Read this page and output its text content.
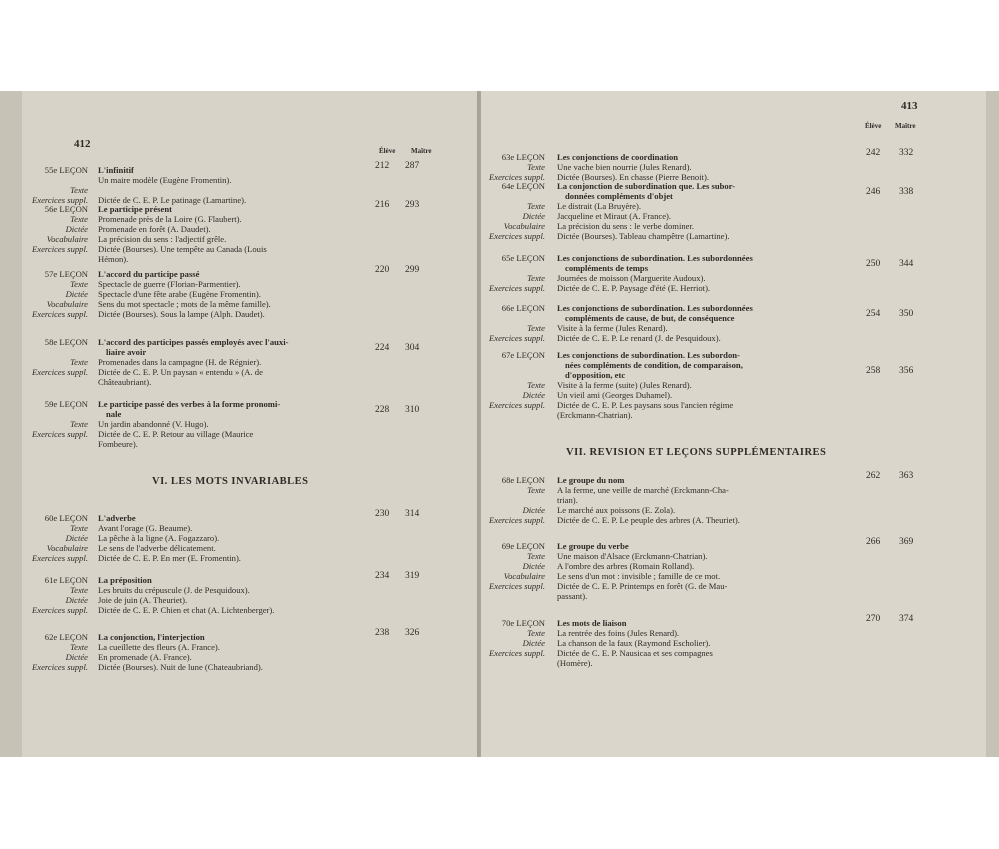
412
Élève Maître
VI. LES MOTS INVARIABLES
55e LEÇON L'infinitif
Un maire modèle (Eugène Fromentin).
Texte
Exercices suppl. Dictée de C. E. P. Le patinage (Lamartine).
212 287
56e LEÇON Le participe présent
Texte Promenade près de la Loire (G. Flaubert).
Dictée Promenade en forêt (A. Daudet).
Vocabulaire La précision du sens : l'adjectif grêle.
Exercices suppl. Dictée (Bourses). Une tempête au Canada (Louis
Hémon).
216 293
57e LEÇON L'accord du participe passé
Texte Spectacle de guerre (Florian-Parmentier).
Dictée Spectacle d'une fête arabe (Eugène Fromentin).
Vocabulaire Sens du mot spectacle ; mots de la même famille).
Exercices suppl. Dictée (Bourses). Sous la lampe (Alph. Daudet).
220 299
58e LEÇON L'accord des participes passés employés avec l'auxi-
liaire avoir
Texte Promenades dans la campagne (H. de Régnier).
Exercices suppl. Dictée de C. E. P. Un paysan « entendu » (A. de
Châteaubriant).
224 304
59e LEÇON Le participe passé des verbes à la forme pronomi-
nale
Texte Un jardin abandonné (V. Hugo).
Exercices suppl. Dictée de C. E. P. Retour au village (Maurice
Fombeure).
228 310
60e LEÇON L'adverbe
Texte Avant l'orage (G. Beaume).
Dictée La pêche à la ligne (A. Fogazzaro).
Vocabulaire Le sens de l'adverbe délicatement.
Exercices suppl. Dictée de C. E. P. En mer (E. Fromentin).
230 314
61e LEÇON La préposition
Texte Les bruits du crépuscule (J. de Pesquidoux).
Dictée Joie de juin (A. Theuriet).
Exercices suppl. Dictée de C. E. P. Chien et chat (A. Lichtenberger).
234 319
62e LEÇON La conjonction, l'interjection
Texte La cueillette des fleurs (A. France).
Dictée En promenade (A. France).
Exercices suppl. Dictée (Bourses). Nuit de lune (Chateaubriand).
238 326
413
Élève Maître
VII. REVISION ET LEÇONS SUPPLÉMENTAIRES
63e LEÇON Les conjonctions de coordination
Texte Une vache bien nourrie (Jules Renard).
Exercices suppl. Dictée (Bourses). En chasse (Pierre Benoit).
242 332
64e LEÇON La conjonction de subordination que. Les subor-
données compléments d'objet
Texte Le distrait (La Bruyère).
Dictée Jacqueline et Miraut (A. France).
Vocabulaire La précision du sens : le verbe dominer.
Exercices suppl. Dictée (Bourses). Tableau champêtre (Lamartine).
246 338
65e LEÇON Les conjonctions de subordination. Les subordonnées
compléments de temps
Texte Journées de moisson (Marguerite Audoux).
Exercices suppl. Dictée de C. E. P. Paysage d'été (E. Herriot).
250 344
66e LEÇON Les conjonctions de subordination. Les subordonnées
compléments de cause, de but, de conséquence
Texte Visite à la ferme (Jules Renard).
Exercices suppl. Dictée de C. E. P. Le renard (J. de Pesquidoux).
254 350
67e LEÇON Les conjonctions de subordination. Les subordon-
nées compléments de condition, de comparaison,
d'opposition, etc
Texte Visite à la ferme (suite) (Jules Renard).
Dictée Un vieil ami (Georges Duhamel).
Exercices suppl. Dictée de C. E. P. Les paysans sous l'ancien régime
(Erckmann-Chatrian).
258 356
68e LEÇON Le groupe du nom
Texte A la ferme, une veille de marché (Erckmann-Cha-
trian).
Dictée Le marché aux poissons (E. Zola).
Exercices suppl. Dictée de C. E. P. Le peuple des arbres (A. Theuriet).
262 363
69e LEÇON Le groupe du verbe
Texte Une maison d'Alsace (Erckmann-Chatrian).
Dictée A l'ombre des arbres (Romain Rolland).
Vocabulaire Le sens d'un mot : invisible ; famille de ce mot.
Exercices suppl. Dictée de C. E. P. Printemps en forêt (G. de Mau-
passant).
266 369
70e LEÇON Les mots de liaison
Texte La rentrée des foins (Jules Renard).
Dictée La chanson de la faux (Raymond Escholier).
Exercices suppl. Dictée de C. E. P. Nausicaa et ses compagnes
(Homère).
270 374
